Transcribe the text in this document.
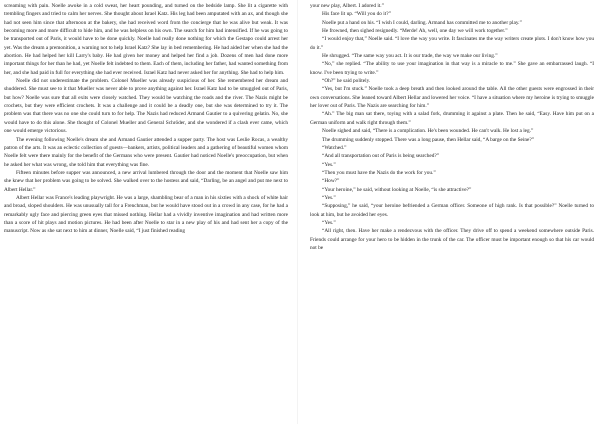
screaming with pain. Noelle awoke in a cold sweat, her heart pounding, and turned on the bedside lamp. She lit a cigarette with trembling fingers and tried to calm her nerves. She thought about Israel Katz. His leg had been amputated with an ax, and though she had not seen him since that afternoon at the bakery, she had received word from the concierge that he was alive but weak. It was becoming more and more difficult to hide him, and he was helpless on his own. The search for him had intensified. If he was going to be transported out of Paris, it would have to be done quickly. Noelle had really done nothing for which the Gestapo could arrest her yet. Was the dream a premonition, a warning not to help Israel Katz? She lay in bed remembering. He had aided her when she had the abortion. He had helped her kill Larry's baby. He had given her money and helped her find a job. Dozens of men had done more important things for her than he had, yet Noelle felt indebted to them. Each of them, including her father, had wanted something from her, and she had paid in full for everything she had ever received. Israel Katz had never asked her for anything. She had to help him.

Noelle did not underestimate the problem. Colonel Mueller was already suspicious of her. She remembered her dream and shuddered. She must see to it that Mueller was never able to prove anything against her. Israel Katz had to be smuggled out of Paris, but how? Noelle was sure that all exits were closely watched. They would be watching the roads and the river. The Nazis might be crochets, but they were efficient crochets. It was a challenge and it could be a deadly one, but she was determined to try it. The problem was that there was no one she could turn to for help. The Nazis had reduced Armand Gautier to a quivering gelatin. No, she would have to do this alone. She thought of Colonel Mueller and General Schröder, and she wondered if a clash ever came, which one would emerge victorious.

The evening following Noelle's dream she and Armand Gautier attended a supper party. The host was Leslie Rocas, a wealthy patron of the arts. It was an eclectic collection of guests—bankers, artists, political leaders and a gathering of beautiful women whom Noelle felt were there mainly for the benefit of the Germans who were present. Gautier had noticed Noelle's preoccupation, but when he asked her what was wrong, she told him that everything was fine.

Fifteen minutes before supper was announced, a new arrival lumbered through the door and the moment that Noelle saw him she knew that her problem was going to be solved. She walked over to the hostess and said, “Darling, be an angel and put me next to Albert Hellar.”

Albert Hellar was France's leading playwright. He was a large, shambling bear of a man in his sixties with a shock of white hair and broad, sloped shoulders. He was unusually tall for a Frenchman, but he would have stood out in a crowd in any case, for he had a remarkably ugly face and piercing green eyes that missed nothing. Hellar had a vividly inventive imagination and had written more than a score of hit plays and motion pictures. He had been after Noelle to star in a new play of his and had sent her a copy of the manuscript. Now as she sat next to him at dinner, Noelle said, “I just finished reading

your new play, Albert. I adored it.”

His face lit up. “Will you do it?”

Noelle put a hand on his. “I wish I could, darling. Armand has committed me to another play.”

He frowned, then sighed resignedly. “Merde! Ah, well, one day we will work together.”

“I would enjoy that,” Noelle said. “I love the way you write. It fascinates me the way writers create plots. I don't know how you do it.”

He shrugged. “The same way you act. It is our trade, the way we make our living.”

“No,” she replied. “The ability to use your imagination in that way is a miracle to me.” She gave an embarrassed laugh. “I know. I've been trying to write.”

“Oh?” he said politely.

“Yes, but I'm stuck.” Noelle took a deep breath and then looked around the table. All the other guests were engrossed in their own conversations. She leaned toward Albert Hellar and lowered her voice. “I have a situation where my heroine is trying to smuggle her lover out of Paris. The Nazis are searching for him.”

“Ah.” The big man sat there, toying with a salad fork, drumming it against a plate. Then he said, “Easy. Have him put on a German uniform and walk right through them.”

Noelle sighed and said, “There is a complication. He's been wounded. He can't walk. He lost a leg.”

The drumming suddenly stopped. There was a long pause, then Hellar said, “A barge on the Seine?”

“Watched.”

“And all transportation out of Paris is being searched?”

“Yes.”

“Then you must have the Nazis do the work for you.”

“How?”

“Your heroine,” he said, without looking at Noelle, “is she attractive?”

“Yes.”

“Supposing,” he said, “your heroine befriended a German officer. Someone of high rank. Is that possible?” Noelle turned to look at him, but he avoided her eyes.

“Yes.”

“All right, then. Have her make a rendezvous with the officer. They drive off to spend a weekend somewhere outside Paris. Friends could arrange for your hero to be hidden in the trunk of the car. The officer must be important enough so that his car would not be
